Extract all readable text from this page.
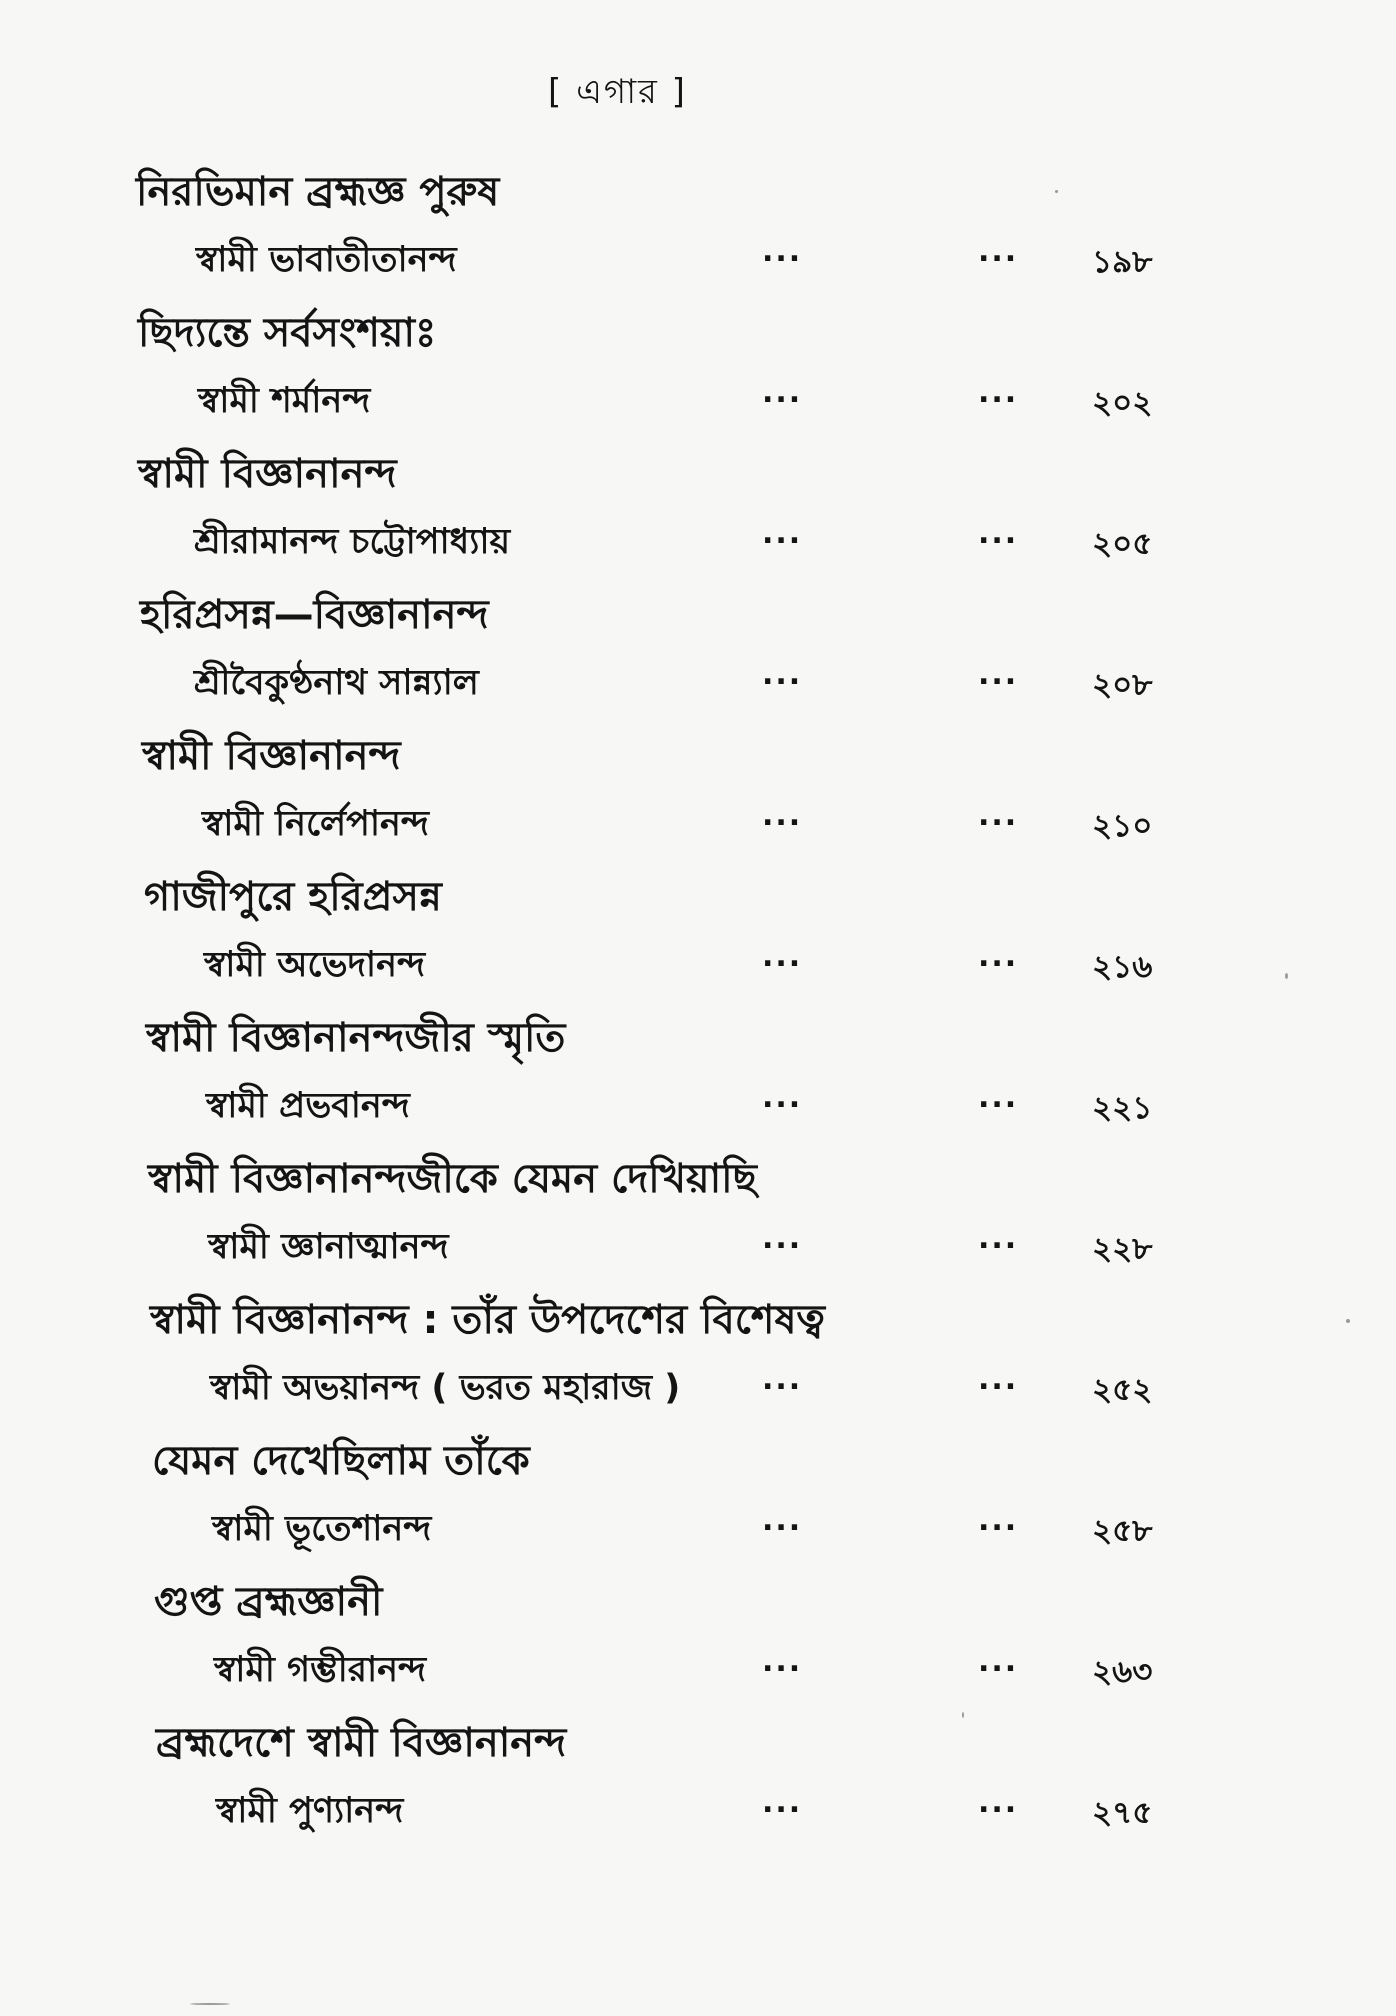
[ এগার ]
নিরভিমান ব্রহ্মজ্ঞ পুরুষ
স্বামী ভাবাতীতানন্দ	...	... ১৯৮
ছিদ্যন্তে সর্বসংশয়াঃ
স্বামী শর্মানন্দ	...	... ২০২
স্বামী বিজ্ঞানানন্দ
শ্রীরামানন্দ চট্টোপাধ্যায়	...	... ২০৫
হরিপ্রসন্ন—বিজ্ঞানানন্দ
শ্রীবৈকুণ্ঠনাথ সান্ন্যাল	...	... ২০৮
স্বামী বিজ্ঞানানন্দ
স্বামী নির্লেপানন্দ	...	... ২১০
গাজীপুরে হরিপ্রসন্ন
স্বামী অভেদানন্দ	...	... ২১৬
স্বামী বিজ্ঞানানন্দজীর স্মৃতি
স্বামী প্রভবানন্দ	...	... ২২১
স্বামী বিজ্ঞানানন্দজীকে যেমন দেখিয়াছি
স্বামী জ্ঞানাত্মানন্দ	...	... ২২৮
স্বামী বিজ্ঞানানন্দ : তাঁর উপদেশের বিশেষত্ব
স্বামী অভয়ানন্দ ( ভরত মহারাজ )	...	... ২৫২
যেমন দেখেছিলাম তাঁকে
স্বামী ভূতেশানন্দ	...	... ২৫৮
গুপ্ত ব্রহ্মজ্ঞানী
স্বামী গম্ভীরানন্দ	...	... ২৬৩
ব্রহ্মদেশে স্বামী বিজ্ঞানানন্দ
স্বামী পুণ্যানন্দ	...	... ২৭৫
